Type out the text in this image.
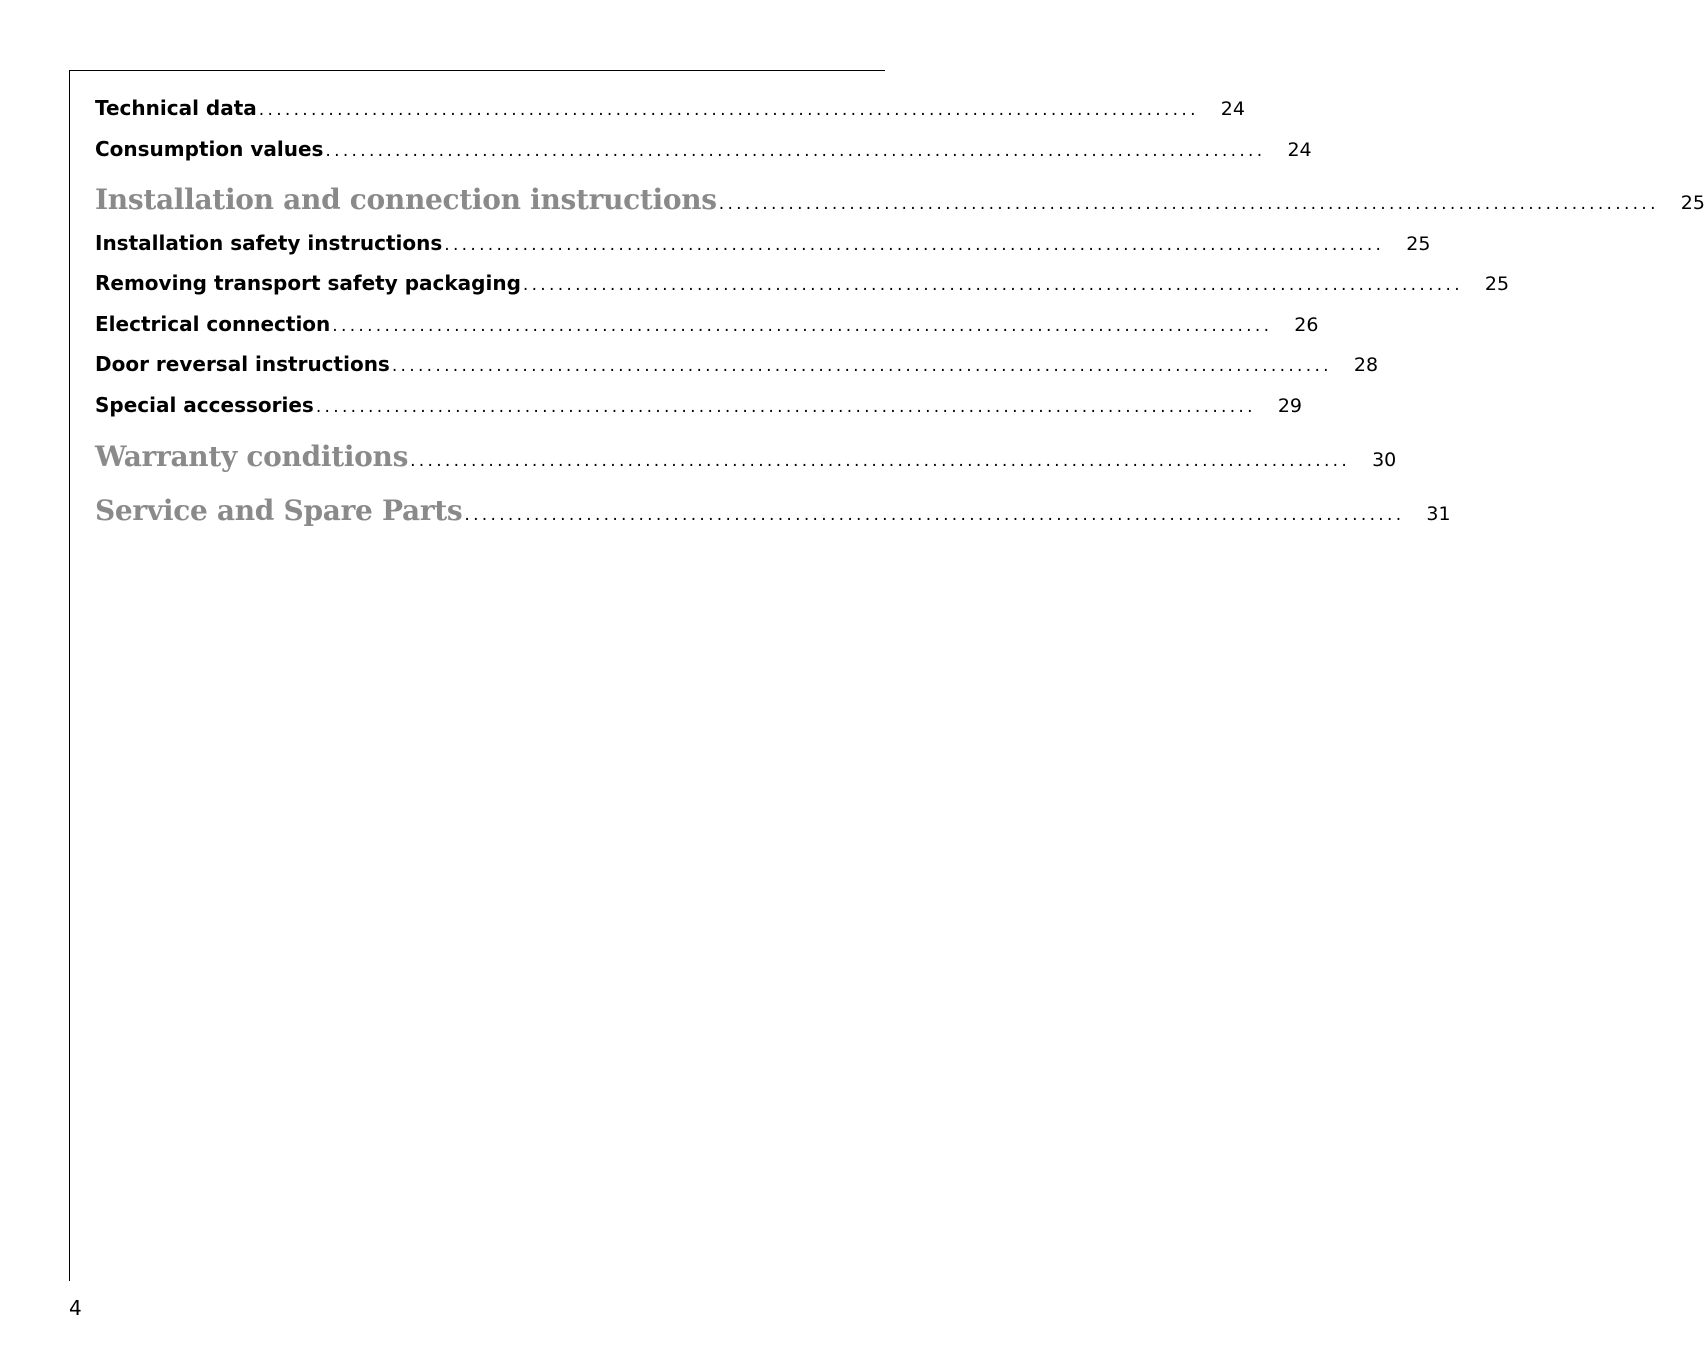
Technical data ............................................................................................................ 24
Consumption values ............................................................................................................ 24
Installation and connection instructions ............................................................................................................ 25
Installation safety instructions ............................................................................................................ 25
Removing transport safety packaging ............................................................................................................ 25
Electrical connection ............................................................................................................ 26
Door reversal instructions ............................................................................................................ 28
Special accessories ............................................................................................................ 29
Warranty conditions ............................................................................................................ 30
Service and Spare Parts ............................................................................................................ 31
4
